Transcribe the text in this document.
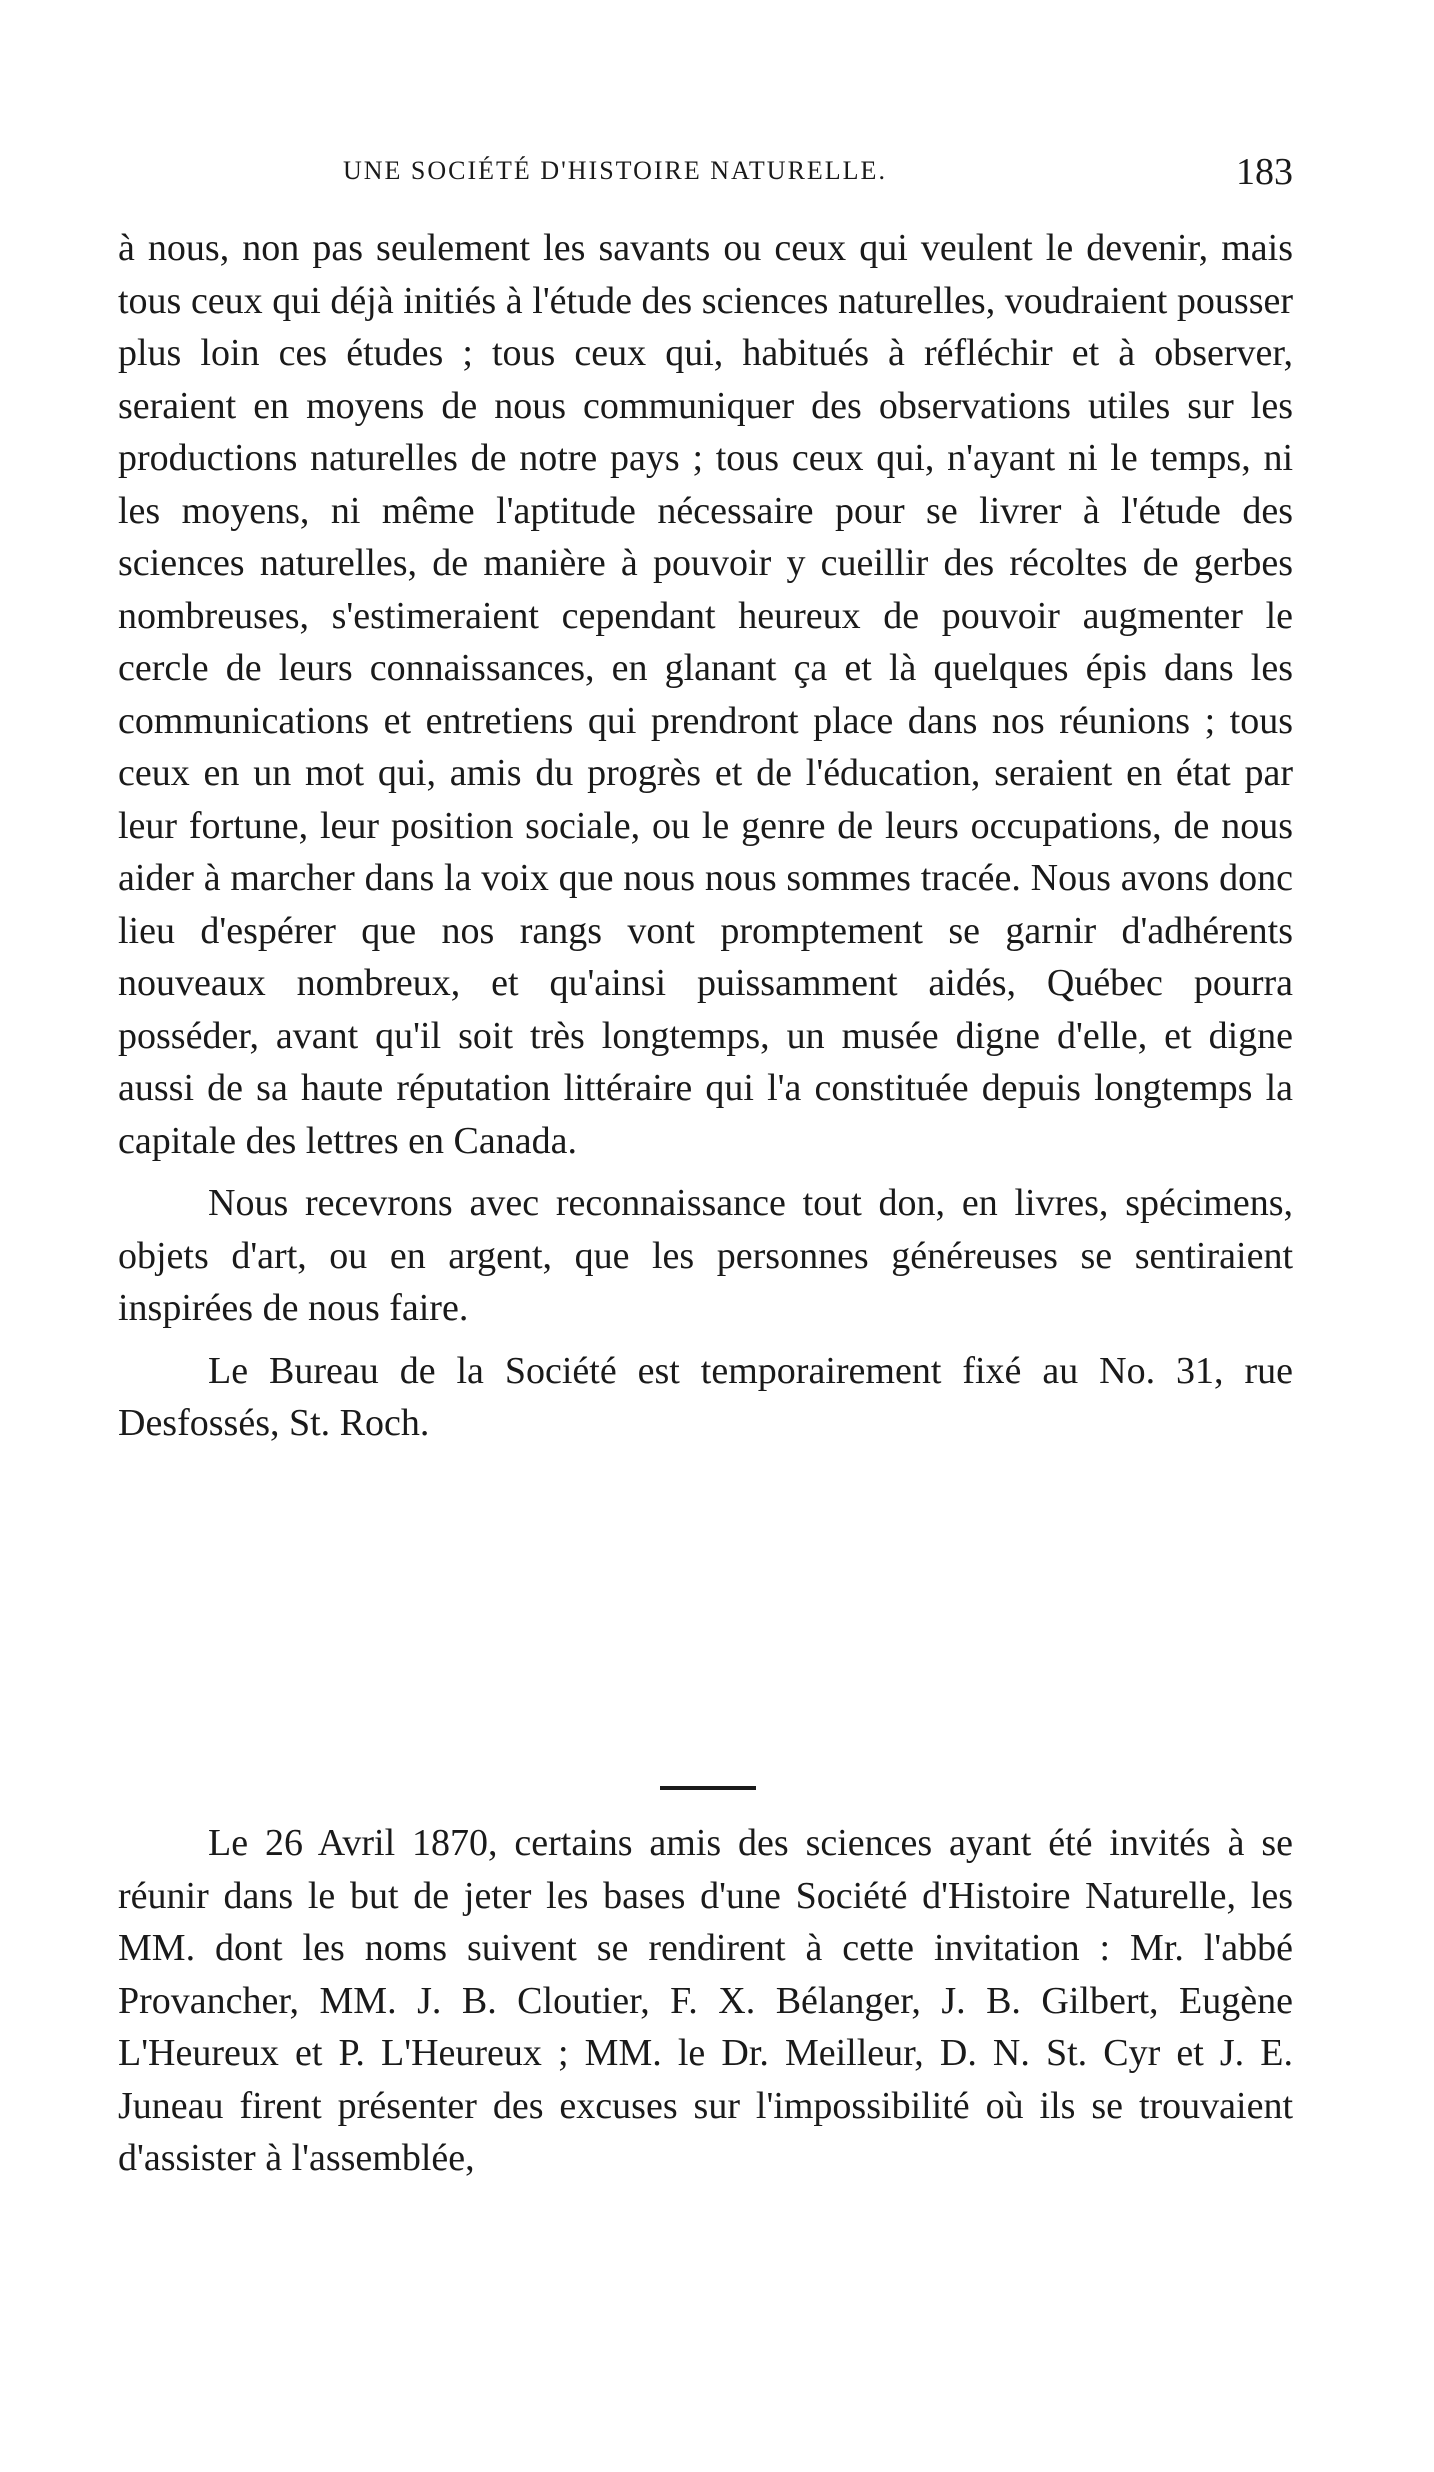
UNE SOCIÉTÉ D'HISTOIRE NATURELLE.	183

à nous, non pas seulement les savants ou ceux qui veulent le devenir, mais tous ceux qui déjà initiés à l'étude des sciences naturelles, voudraient pousser plus loin ces études ; tous ceux qui, habitués à réfléchir et à observer, seraient en moyens de nous communiquer des observations utiles sur les productions naturelles de notre pays ; tous ceux qui, n'ayant ni le temps, ni les moyens, ni même l'aptitude nécessaire pour se livrer à l'étude des sciences naturelles, de manière à pouvoir y cueillir des récoltes de gerbes nombreuses, s'estimeraient cependant heureux de pouvoir augmenter le cercle de leurs connaissances, en glanant ça et là quelques épis dans les communications et entretiens qui prendront place dans nos réunions ; tous ceux en un mot qui, amis du progrès et de l'éducation, seraient en état par leur fortune, leur position sociale, ou le genre de leurs occupations, de nous aider à marcher dans la voix que nous nous sommes tracée. Nous avons donc lieu d'espérer que nos rangs vont promptement se garnir d'adhérents nouveaux nombreux, et qu'ainsi puissamment aidés, Québec pourra posséder, avant qu'il soit très longtemps, un musée digne d'elle, et digne aussi de sa haute réputation littéraire qui l'a constituée depuis longtemps la capitale des lettres en Canada.

Nous recevrons avec reconnaissance tout don, en livres, spécimens, objets d'art, ou en argent, que les personnes généreuses se sentiraient inspirées de nous faire.

Le Bureau de la Société est temporairement fixé au No. 31, rue Desfossés, St. Roch.

Le 26 Avril 1870, certains amis des sciences ayant été invités à se réunir dans le but de jeter les bases d'une Société d'Histoire Naturelle, les MM. dont les noms suivent se rendirent à cette invitation : Mr. l'abbé Provancher, MM. J. B. Cloutier, F. X. Bélanger, J. B. Gilbert, Eugène L'Heureux et P. L'Heureux ; MM. le Dr. Meilleur, D. N. St. Cyr et J. E. Juneau firent présenter des excuses sur l'impossibilité où ils se trouvaient d'assister à l'assemblée,
